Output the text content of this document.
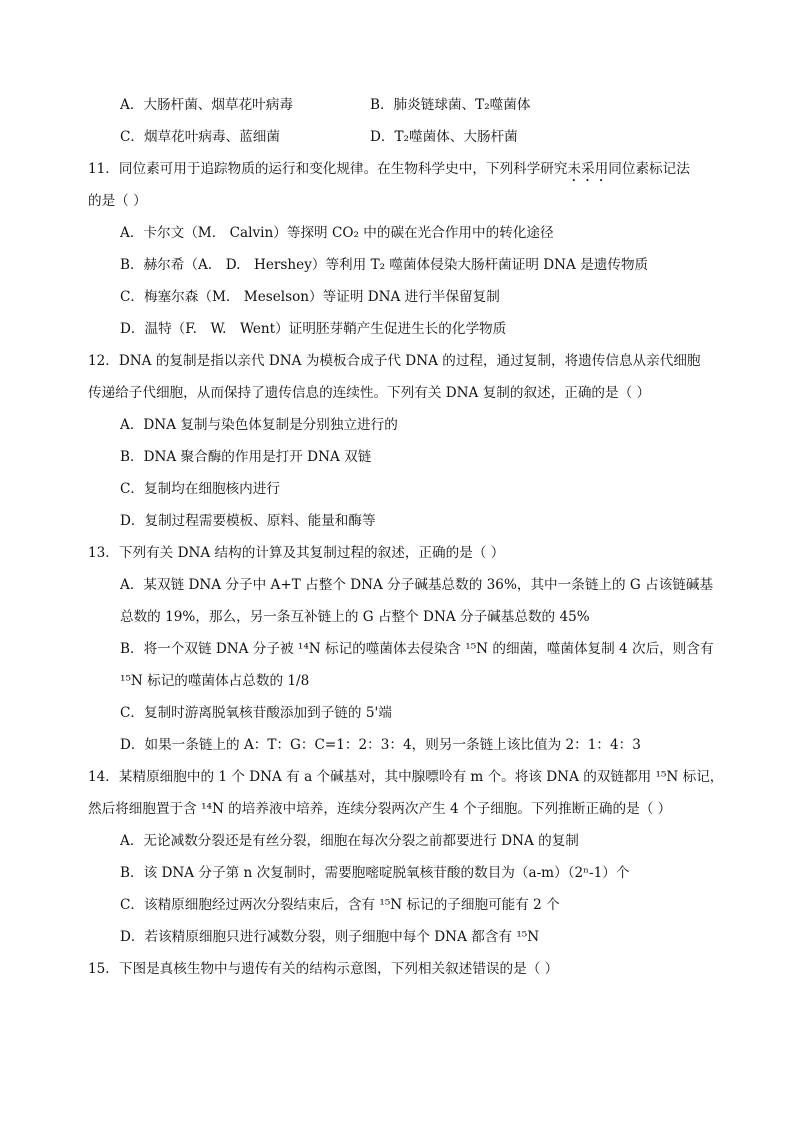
A．大肠杆菌、烟草花叶病毒	B．肺炎链球菌、T₂噬菌体
C．烟草花叶病毒、蓝细菌	D．T₂噬菌体、大肠杆菌
11．同位素可用于追踪物质的运行和变化规律。在生物科学史中，下列科学研究未采用同位素标记法
的是（ ）
A．卡尔文（M.　Calvin）等探明 CO₂ 中的碳在光合作用中的转化途径
B．赫尔希（A.　D.　Hershey）等利用 T₂ 噬菌体侵染大肠杆菌证明 DNA 是遗传物质
C．梅塞尔森（M.　Meselson）等证明 DNA 进行半保留复制
D．温特（F.　W.　Went）证明胚芽鞘产生促进生长的化学物质
12．DNA 的复制是指以亲代 DNA 为模板合成子代 DNA 的过程，通过复制，将遗传信息从亲代细胞
传递给子代细胞，从而保持了遗传信息的连续性。下列有关 DNA 复制的叙述，正确的是（ ）
A．DNA 复制与染色体复制是分别独立进行的
B．DNA 聚合酶的作用是打开 DNA 双链
C．复制均在细胞核内进行
D．复制过程需要模板、原料、能量和酶等
13．下列有关 DNA 结构的计算及其复制过程的叙述，正确的是（ ）
A．某双链 DNA 分子中 A+T 占整个 DNA 分子碱基总数的 36%，其中一条链上的 G 占该链碱基
总数的 19%，那么，另一条互补链上的 G 占整个 DNA 分子碱基总数的 45%
B．将一个双链 DNA 分子被 ¹⁴N 标记的噬菌体去侵染含 ¹⁵N 的细菌，噬菌体复制 4 次后，则含有
¹⁵N 标记的噬菌体占总数的 1/8
C．复制时游离脱氧核苷酸添加到子链的 5'端
D．如果一条链上的 A：T：G：C=1：2：3：4，则另一条链上该比值为 2：1：4：3
14．某精原细胞中的 1 个 DNA 有 a 个碱基对，其中腺嘌呤有 m 个。将该 DNA 的双链都用 ¹⁵N 标记，
然后将细胞置于含 ¹⁴N 的培养液中培养，连续分裂两次产生 4 个子细胞。下列推断正确的是（ ）
A．无论减数分裂还是有丝分裂，细胞在每次分裂之前都要进行 DNA 的复制
B．该 DNA 分子第 n 次复制时，需要胞嘧啶脱氧核苷酸的数目为（a-m）（2ⁿ-1）个
C．该精原细胞经过两次分裂结束后，含有 ¹⁵N 标记的子细胞可能有 2 个
D．若该精原细胞只进行减数分裂，则子细胞中每个 DNA 都含有 ¹⁵N
15．下图是真核生物中与遗传有关的结构示意图，下列相关叙述错误的是（ ）
